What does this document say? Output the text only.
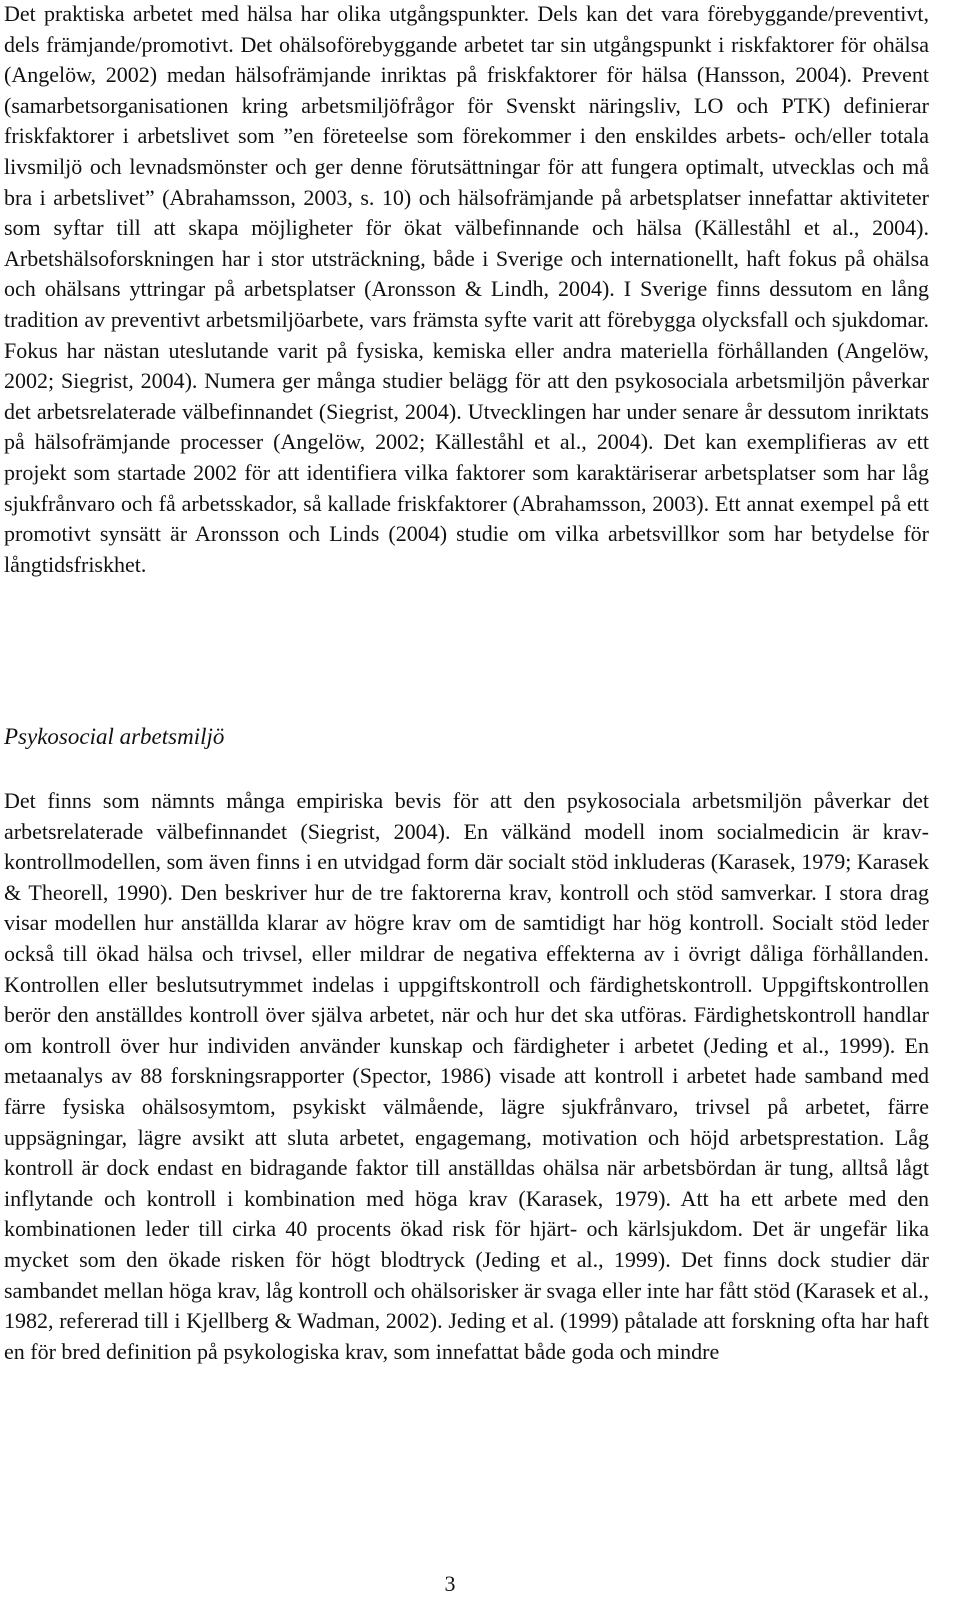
Det praktiska arbetet med hälsa har olika utgångspunkter. Dels kan det vara förebyggande/preventivt, dels främjande/promotivt. Det ohälsoförebyggande arbetet tar sin utgångspunkt i riskfaktorer för ohälsa (Angelöw, 2002) medan hälsofrämjande inriktas på friskfaktorer för hälsa (Hansson, 2004). Prevent (samarbetsorganisationen kring arbetsmiljöfrågor för Svenskt näringsliv, LO och PTK) definierar friskfaktorer i arbetslivet som ”en företeelse som förekommer i den enskildes arbets- och/eller totala livsmiljö och levnadsmönster och ger denne förutsättningar för att fungera optimalt, utvecklas och må bra i arbetslivet” (Abrahamsson, 2003, s. 10) och hälsofrämjande på arbetsplatser innefattar aktiviteter som syftar till att skapa möjligheter för ökat välbefinnande och hälsa (Källeståhl et al., 2004). Arbetshälsoforskningen har i stor utsträckning, både i Sverige och internationellt, haft fokus på ohälsa och ohälsans yttringar på arbetsplatser (Aronsson & Lindh, 2004). I Sverige finns dessutom en lång tradition av preventivt arbetsmiljöarbete, vars främsta syfte varit att förebygga olycksfall och sjukdomar. Fokus har nästan uteslutande varit på fysiska, kemiska eller andra materiella förhållanden (Angelöw, 2002; Siegrist, 2004). Numera ger många studier belägg för att den psykosociala arbetsmiljön påverkar det arbetsrelaterade välbefinnandet (Siegrist, 2004). Utvecklingen har under senare år dessutom inriktats på hälsofrämjande processer (Angelöw, 2002; Källeståhl et al., 2004). Det kan exemplifieras av ett projekt som startade 2002 för att identifiera vilka faktorer som karaktäriserar arbetsplatser som har låg sjukfrånvaro och få arbetsskador, så kallade friskfaktorer (Abrahamsson, 2003). Ett annat exempel på ett promotivt synsätt är Aronsson och Linds (2004) studie om vilka arbetsvillkor som har betydelse för långtidsfriskhet.

Psykosocial arbetsmiljö

Det finns som nämnts många empiriska bevis för att den psykosociala arbetsmiljön påverkar det arbetsrelaterade välbefinnandet (Siegrist, 2004). En välkänd modell inom socialmedicin är krav-kontrollmodellen, som även finns i en utvidgad form där socialt stöd inkluderas (Karasek, 1979; Karasek & Theorell, 1990). Den beskriver hur de tre faktorerna krav, kontroll och stöd samverkar. I stora drag visar modellen hur anställda klarar av högre krav om de samtidigt har hög kontroll. Socialt stöd leder också till ökad hälsa och trivsel, eller mildrar de negativa effekterna av i övrigt dåliga förhållanden. Kontrollen eller beslutsutrymmet indelas i uppgiftskontroll och färdighetskontroll. Uppgiftskontrollen berör den anställdes kontroll över själva arbetet, när och hur det ska utföras. Färdighetskontroll handlar om kontroll över hur individen använder kunskap och färdigheter i arbetet (Jeding et al., 1999). En metaanalys av 88 forskningsrapporter (Spector, 1986) visade att kontroll i arbetet hade samband med färre fysiska ohälsosymtom, psykiskt välmående, lägre sjukfrånvaro, trivsel på arbetet, färre uppsägningar, lägre avsikt att sluta arbetet, engagemang, motivation och höjd arbetsprestation. Låg kontroll är dock endast en bidragande faktor till anställdas ohälsa när arbetsbördan är tung, alltså lågt inflytande och kontroll i kombination med höga krav (Karasek, 1979). Att ha ett arbete med den kombinationen leder till cirka 40 procents ökad risk för hjärt- och kärlsjukdom. Det är ungefär lika mycket som den ökade risken för högt blodtryck (Jeding et al., 1999). Det finns dock studier där sambandet mellan höga krav, låg kontroll och ohälsorisker är svaga eller inte har fått stöd (Karasek et al., 1982, refererad till i Kjellberg & Wadman, 2002). Jeding et al. (1999) påtalade att forskning ofta har haft en för bred definition på psykologiska krav, som innefattat både goda och mindre

3
